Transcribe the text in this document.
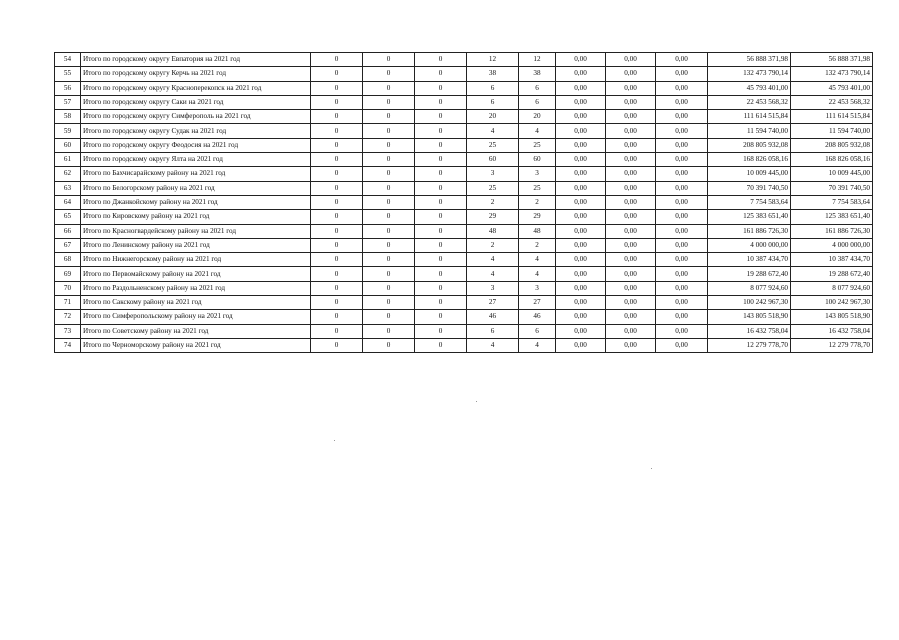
54	Итого по городскому округу Евпатория на 2021 год	0	0	0	12	12	0,00	0,00	0,00	56 888 371,98	56 888 371,98
55	Итого по городскому округу Керчь на 2021 год	0	0	0	38	38	0,00	0,00	0,00	132 473 790,14	132 473 790,14
56	Итого по городскому округу Красноперекопск на 2021 год	0	0	0	6	6	0,00	0,00	0,00	45 793 401,00	45 793 401,00
57	Итого по городскому округу Саки на 2021 год	0	0	0	6	6	0,00	0,00	0,00	22 453 568,32	22 453 568,32
58	Итого по городскому округу Симферополь на 2021 год	0	0	0	20	20	0,00	0,00	0,00	111 614 515,84	111 614 515,84
59	Итого по городскому округу Судак на 2021 год	0	0	0	4	4	0,00	0,00	0,00	11 594 740,00	11 594 740,00
60	Итого по городскому округу Феодосия на 2021 год	0	0	0	25	25	0,00	0,00	0,00	208 805 932,08	208 805 932,08
61	Итого по городскому округу Ялта на 2021 год	0	0	0	60	60	0,00	0,00	0,00	168 826 058,16	168 826 058,16
62	Итого по Бахчисарайскому району на 2021 год	0	0	0	3	3	0,00	0,00	0,00	10 009 445,00	10 009 445,00
63	Итого по Белогорскому району на 2021 год	0	0	0	25	25	0,00	0,00	0,00	70 391 740,50	70 391 740,50
64	Итого по Джанкойскому району на 2021 год	0	0	0	2	2	0,00	0,00	0,00	7 754 583,64	7 754 583,64
65	Итого по Кировскому району на 2021 год	0	0	0	29	29	0,00	0,00	0,00	125 383 651,40	125 383 651,40
66	Итого по Красногвардейскому району на 2021 год	0	0	0	48	48	0,00	0,00	0,00	161 886 726,30	161 886 726,30
67	Итого по Ленинскому району на 2021 год	0	0	0	2	2	0,00	0,00	0,00	4 000 000,00	4 000 000,00
68	Итого по Нижнегорскому району на 2021 год	0	0	0	4	4	0,00	0,00	0,00	10 387 434,70	10 387 434,70
69	Итого по Первомайскому району на 2021 год	0	0	0	4	4	0,00	0,00	0,00	19 288 672,40	19 288 672,40
70	Итого по Раздольненскому району на 2021 год	0	0	0	3	3	0,00	0,00	0,00	8 077 924,60	8 077 924,60
71	Итого по Сакскому району на 2021 год	0	0	0	27	27	0,00	0,00	0,00	100 242 967,30	100 242 967,30
72	Итого по Симферопольскому району на 2021 год	0	0	0	46	46	0,00	0,00	0,00	143 805 518,90	143 805 518,90
73	Итого по Советскому району на 2021 год	0	0	0	6	6	0,00	0,00	0,00	16 432 758,04	16 432 758,04
74	Итого по Черноморскому району на 2021 год	0	0	0	4	4	0,00	0,00	0,00	12 279 778,70	12 279 778,70
